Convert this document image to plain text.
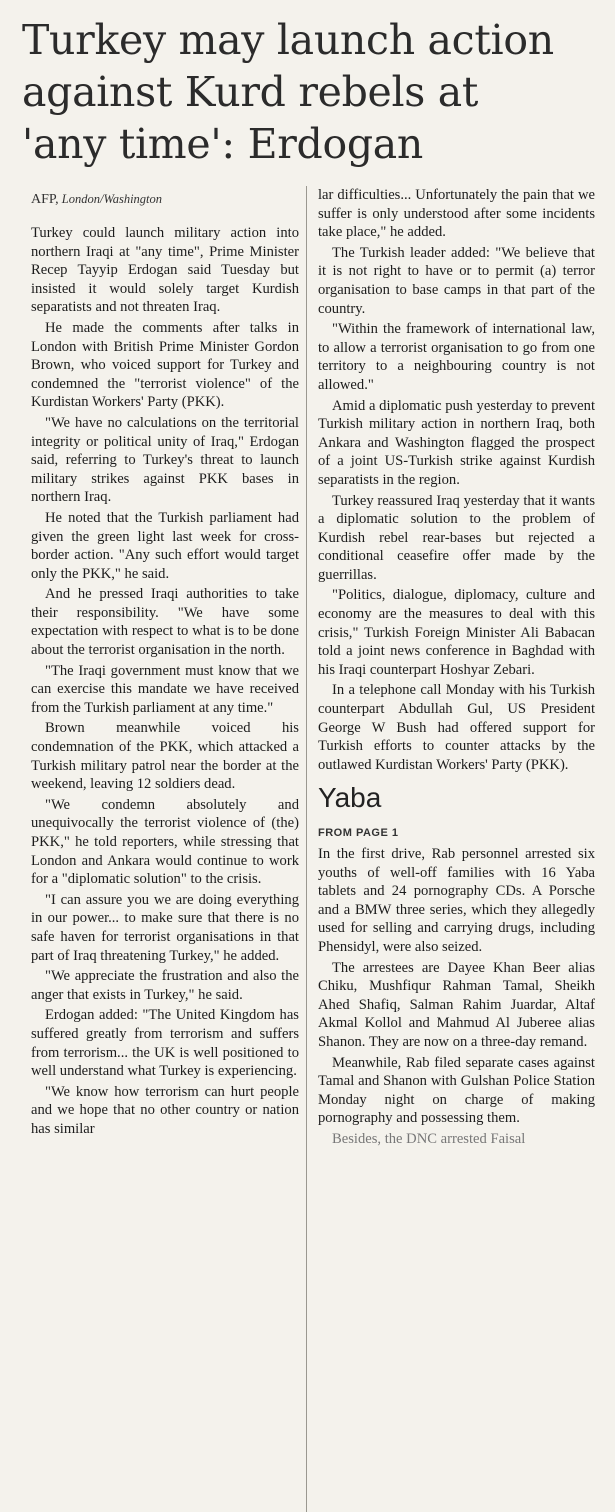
Turkey may launch action
against Kurd rebels at
'any time': Erdogan
AFP, London/Washington

Turkey could launch military action into northern Iraqi at "any time", Prime Minister Recep Tayyip Erdogan said Tuesday but insisted it would solely target Kurdish separatists and not threaten Iraq.

He made the comments after talks in London with British Prime Minister Gordon Brown, who voiced support for Turkey and condemned the "terrorist violence" of the Kurdistan Workers' Party (PKK).

"We have no calculations on the territorial integrity or political unity of Iraq," Erdogan said, referring to Turkey's threat to launch military strikes against PKK bases in northern Iraq.

He noted that the Turkish parliament had given the green light last week for cross-border action. "Any such effort would target only the PKK," he said.

And he pressed Iraqi authorities to take their responsibility. "We have some expectation with respect to what is to be done about the terrorist organisation in the north.

"The Iraqi government must know that we can exercise this mandate we have received from the Turkish parliament at any time."

Brown meanwhile voiced his condemnation of the PKK, which attacked a Turkish military patrol near the border at the weekend, leaving 12 soldiers dead.

"We condemn absolutely and unequivocally the terrorist violence of (the) PKK," he told reporters, while stressing that London and Ankara would continue to work for a "diplomatic solution" to the crisis.

"I can assure you we are doing everything in our power... to make sure that there is no safe haven for terrorist organisations in that part of Iraq threatening Turkey," he added.

"We appreciate the frustration and also the anger that exists in Turkey," he said.

Erdogan added: "The United Kingdom has suffered greatly from terrorism and suffers from terrorism... the UK is well positioned to well understand what Turkey is experiencing.

"We know how terrorism can hurt people and we hope that no other country or nation has similar

lar difficulties... Unfortunately the pain that we suffer is only understood after some incidents take place," he added.

The Turkish leader added: "We believe that it is not right to have or to permit (a) terror organisation to base camps in that part of the country.

"Within the framework of international law, to allow a terrorist organisation to go from one territory to a neighbouring country is not allowed."

Amid a diplomatic push yesterday to prevent Turkish military action in northern Iraq, both Ankara and Washington flagged the prospect of a joint US-Turkish strike against Kurdish separatists in the region.

Turkey reassured Iraq yesterday that it wants a diplomatic solution to the problem of Kurdish rebel rear-bases but rejected a conditional ceasefire offer made by the guerrillas.

"Politics, dialogue, diplomacy, culture and economy are the measures to deal with this crisis," Turkish Foreign Minister Ali Babacan told a joint news conference in Baghdad with his Iraqi counterpart Hoshyar Zebari.

In a telephone call Monday with his Turkish counterpart Abdullah Gul, US President George W Bush had offered support for Turkish efforts to counter attacks by the outlawed Kurdistan Workers' Party (PKK).

Yaba
FROM PAGE 1

In the first drive, Rab personnel arrested six youths of well-off families with 16 Yaba tablets and 24 pornography CDs. A Porsche and a BMW three series, which they allegedly used for selling and carrying drugs, including Phensidyl, were also seized.

The arrestees are Dayee Khan Beer alias Chiku, Mushfiqur Rahman Tamal, Sheikh Ahed Shafiq, Salman Rahim Juardar, Altaf Akmal Kollol and Mahmud Al Juberee alias Shanon. They are now on a three-day remand.

Meanwhile, Rab filed separate cases against Tamal and Shanon with Gulshan Police Station Monday night on charge of making pornography and possessing them.

Besides, the DNC arrested Faisal
